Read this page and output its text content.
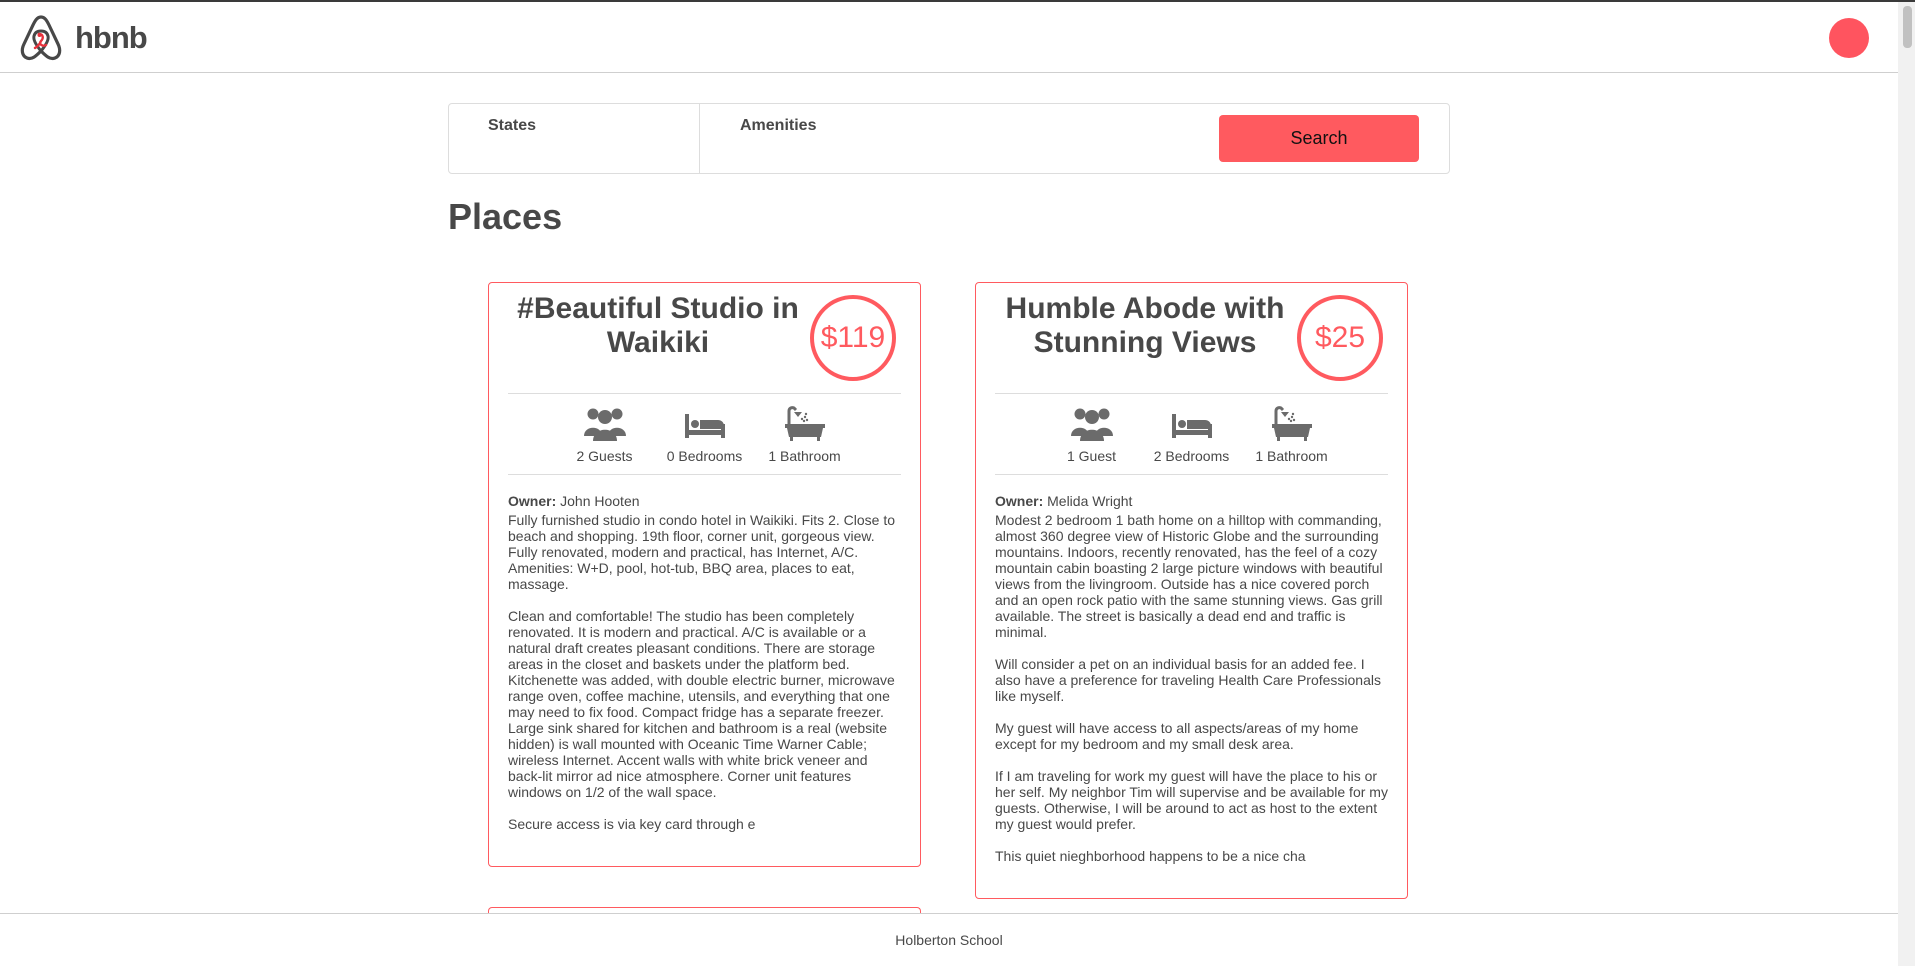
hbnb
States	Amenities
Search
Places
#Beautiful Studio in Waikiki	$119
2 Guests 0 Bedrooms 1 Bathroom
Owner: John Hooten
Fully furnished studio in condo hotel in Waikiki. Fits 2. Close to beach and shopping. 19th floor, corner unit, gorgeous view. Fully renovated, modern and practical, has Internet, A/C. Amenities: W+D, pool, hot-tub, BBQ area, places to eat, massage.

Clean and comfortable! The studio has been completely renovated. It is modern and practical. A/C is available or a natural draft creates pleasant conditions. There are storage areas in the closet and baskets under the platform bed. Kitchenette was added, with double electric burner, microwave range oven, coffee machine, utensils, and everything that one may need to fix food. Compact fridge has a separate freezer. Large sink shared for kitchen and bathroom is a real (website hidden) is wall mounted with Oceanic Time Warner Cable; wireless Internet. Accent walls with white brick veneer and back-lit mirror ad nice atmosphere. Corner unit features windows on 1/2 of the wall space.

Secure access is via key card through e
Humble Abode with Stunning Views	$25
1 Guest	2 Bedrooms 1 Bathroom
Owner: Melida Wright
Modest 2 bedroom 1 bath home on a hilltop with commanding, almost 360 degree view of Historic Globe and the surrounding mountains. Indoors, recently renovated, has the feel of a cozy mountain cabin boasting 2 large picture windows with beautiful views from the livingroom. Outside has a nice covered porch and an open rock patio with the same stunning views. Gas grill available. The street is basically a dead end and traffic is minimal.

Will consider a pet on an individual basis for an added fee. I also have a preference for traveling Health Care Professionals like myself.

My guest will have access to all aspects/areas of my home except for my bedroom and my small desk area.

If I am traveling for work my guest will have the place to his or her self. My neighbor Tim will supervise and be available for my guests. Otherwise, I will be around to act as host to the extent my guest would prefer.

This quiet nieghborhood happens to be a nice cha
Holberton School
